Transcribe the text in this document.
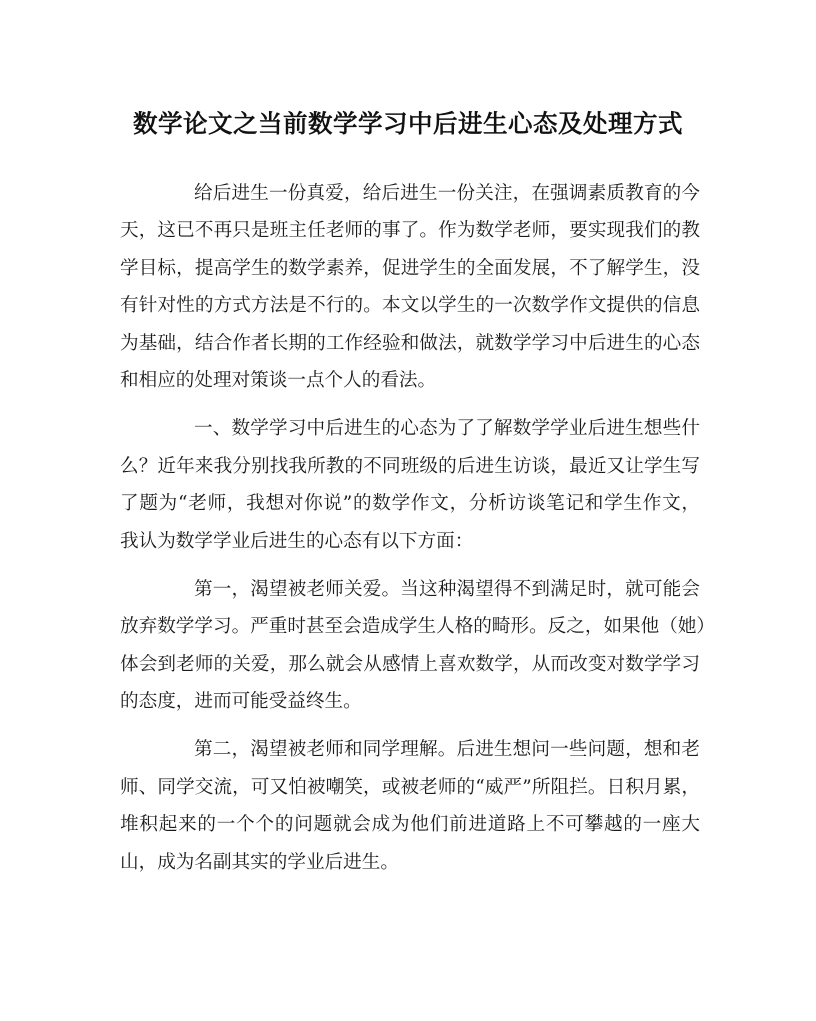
数学论文之当前数学学习中后进生心态及处理方式
给后进生一份真爱，给后进生一份关注，在强调素质教育的今
天，这已不再只是班主任老师的事了。作为数学老师，要实现我们的教
学目标，提高学生的数学素养，促进学生的全面发展，不了解学生，没
有针对性的方式方法是不行的。本文以学生的一次数学作文提供的信息
为基础，结合作者长期的工作经验和做法，就数学学习中后进生的心态
和相应的处理对策谈一点个人的看法。
一、数学学习中后进生的心态为了了解数学学业后进生想些什
么？近年来我分别找我所教的不同班级的后进生访谈，最近又让学生写
了题为“老师，我想对你说”的数学作文，分析访谈笔记和学生作文，
我认为数学学业后进生的心态有以下方面：
第一，渴望被老师关爱。当这种渴望得不到满足时，就可能会
放弃数学学习。严重时甚至会造成学生人格的畸形。反之，如果他（她）
体会到老师的关爱，那么就会从感情上喜欢数学，从而改变对数学学习
的态度，进而可能受益终生。
第二，渴望被老师和同学理解。后进生想问一些问题，想和老
师、同学交流，可又怕被嘲笑，或被老师的“威严”所阻拦。日积月累，
堆积起来的一个个的问题就会成为他们前进道路上不可攀越的一座大
山，成为名副其实的学业后进生。
